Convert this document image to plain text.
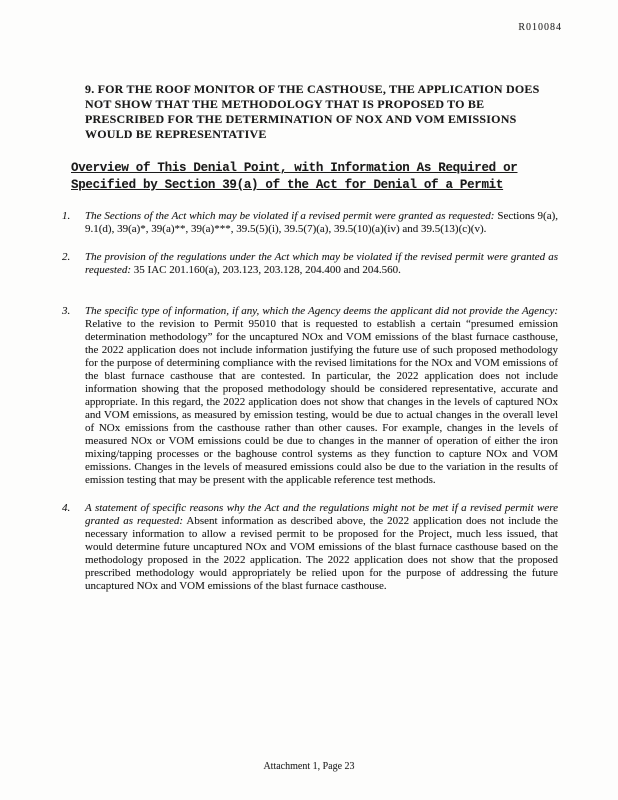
R010084
9. FOR THE ROOF MONITOR OF THE CASTHOUSE, THE APPLICATION DOES NOT SHOW THAT THE METHODOLOGY THAT IS PROPOSED TO BE PRESCRIBED FOR THE DETERMINATION OF NOX AND VOM EMISSIONS WOULD BE REPRESENTATIVE
Overview of This Denial Point, with Information As Required or Specified by Section 39(a) of the Act for Denial of a Permit
1. The Sections of the Act which may be violated if a revised permit were granted as requested: Sections 9(a), 9.1(d), 39(a)*, 39(a)**, 39(a)***, 39.5(5)(i), 39.5(7)(a), 39.5(10)(a)(iv) and 39.5(13)(c)(v).
2. The provision of the regulations under the Act which may be violated if the revised permit were granted as requested: 35 IAC 201.160(a), 203.123, 203.128, 204.400 and 204.560.
3. The specific type of information, if any, which the Agency deems the applicant did not provide the Agency: Relative to the revision to Permit 95010 that is requested to establish a certain “presumed emission determination methodology” for the uncaptured NOx and VOM emissions of the blast furnace casthouse, the 2022 application does not include information justifying the future use of such proposed methodology for the purpose of determining compliance with the revised limitations for the NOx and VOM emissions of the blast furnace casthouse that are contested. In particular, the 2022 application does not include information showing that the proposed methodology should be considered representative, accurate and appropriate. In this regard, the 2022 application does not show that changes in the levels of captured NOx and VOM emissions, as measured by emission testing, would be due to actual changes in the overall level of NOx emissions from the casthouse rather than other causes. For example, changes in the levels of measured NOx or VOM emissions could be due to changes in the manner of operation of either the iron mixing/tapping processes or the baghouse control systems as they function to capture NOx and VOM emissions. Changes in the levels of measured emissions could also be due to the variation in the results of emission testing that may be present with the applicable reference test methods.
4. A statement of specific reasons why the Act and the regulations might not be met if a revised permit were granted as requested: Absent information as described above, the 2022 application does not include the necessary information to allow a revised permit to be proposed for the Project, much less issued, that would determine future uncaptured NOx and VOM emissions of the blast furnace casthouse based on the methodology proposed in the 2022 application. The 2022 application does not show that the proposed prescribed methodology would appropriately be relied upon for the purpose of addressing the future uncaptured NOx and VOM emissions of the blast furnace casthouse.
Attachment 1, Page 23
